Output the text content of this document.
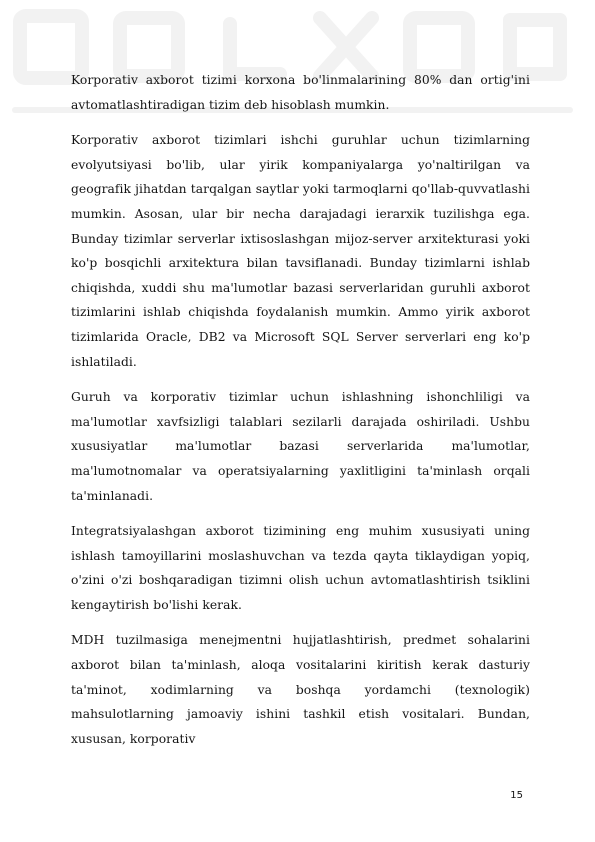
Korporativ axborot tizimi korxona bo'linmalarining 80% dan ortig'ini avtomatlashtiradigan tizim deb hisoblash mumkin.

Korporativ axborot tizimlari ishchi guruhlar uchun tizimlarning evolyutsiyasi bo'lib, ular yirik kompaniyalarga yo'naltirilgan va geografik jihatdan tarqalgan saytlar yoki tarmoqlarni qo'llab-quvvatlashi mumkin. Asosan, ular bir necha darajadagi ierarxik tuzilishga ega. Bunday tizimlar serverlar ixtisoslashgan mijoz-server arxitekturasi yoki ko'p bosqichli arxitektura bilan tavsiflanadi. Bunday tizimlarni ishlab chiqishda, xuddi shu ma'lumotlar bazasi serverlaridan guruhli axborot tizimlarini ishlab chiqishda foydalanish mumkin. Ammo yirik axborot tizimlarida Oracle, DB2 va Microsoft SQL Server serverlari eng ko'p ishlatiladi.

Guruh va korporativ tizimlar uchun ishlashning ishonchliligi va ma'lumotlar xavfsizligi talablari sezilarli darajada oshiriladi. Ushbu xususiyatlar ma'lumotlar bazasi serverlarida ma'lumotlar, ma'lumotnomalar va operatsiyalarning yaxlitligini ta'minlash orqali ta'minlanadi.

Integratsiyalashgan axborot tizimining eng muhim xususiyati uning ishlash tamoyillarini moslashuvchan va tezda qayta tiklaydigan yopiq, o'zini o'zi boshqaradigan tizimni olish uchun avtomatlashtirish tsiklini kengaytirish bo'lishi kerak.

MDH tuzilmasiga menejmentni hujjatlashtirish, predmet sohalarini axborot bilan ta'minlash, aloqa vositalarini kiritish kerak dasturiy ta'minot, xodimlarning va boshqa yordamchi (texnologik) mahsulotlarning jamoaviy ishini tashkil etish vositalari. Bundan, xususan, korporativ

15
